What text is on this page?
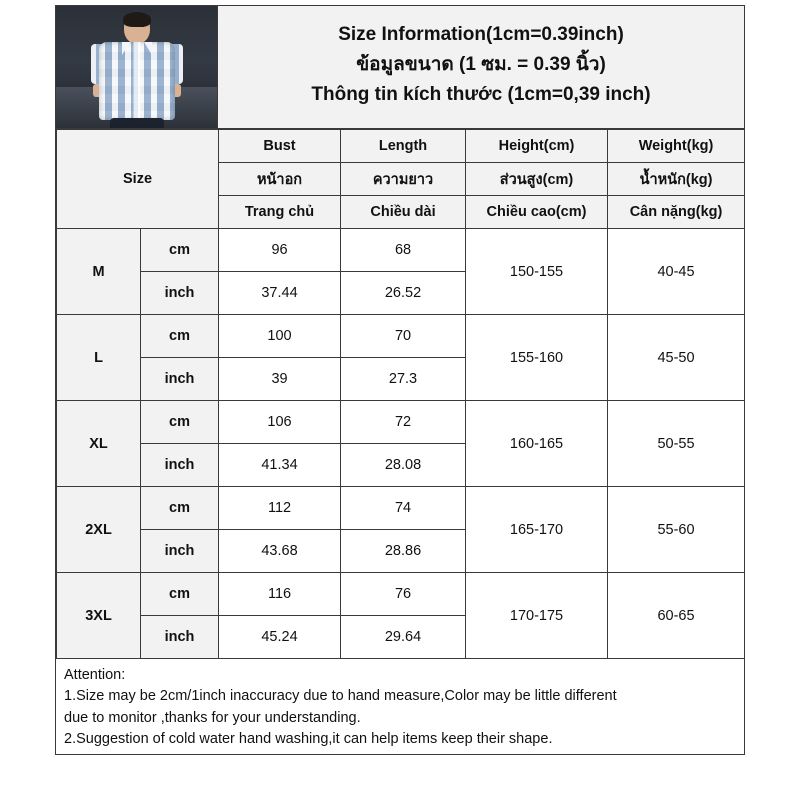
Size Information(1cm=0.39inch)
ข้อมูลขนาด (1 ซม. = 0.39 นิ้ว)
Thông tin kích thước (1cm=0,39 inch)
Size		Bust	Length	Height(cm)	Weight(kg)
		หน้าอก	ความยาว	ส่วนสูง(cm)	น้ำหนัก(kg)
		Trang chủ	Chiều dài	Chiều cao(cm)	Cân nặng(kg)
M	cm	96	68	150-155	40-45
	inch	37.44	26.52		
L	cm	100	70	155-160	45-50
	inch	39	27.3		
XL	cm	106	72	160-165	50-55
	inch	41.34	28.08		
2XL	cm	112	74	165-170	55-60
	inch	43.68	28.86		
3XL	cm	116	76	170-175	60-65
	inch	45.24	29.64		

Attention:

1.Size may be 2cm/1inch inaccuracy due to hand measure,Color may be little different

due to monitor ,thanks for your understanding.

2.Suggestion of cold water hand washing,it can help items keep their shape.
